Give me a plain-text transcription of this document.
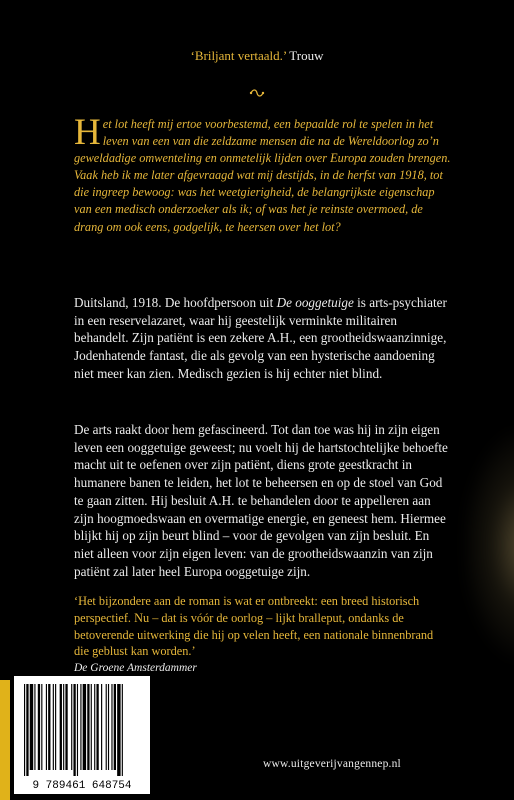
‘Briljant vertaald.’ Trouw

Het lot heeft mij ertoe voorbestemd, een bepaalde rol te spelen in het leven van een van die zeldzame mensen die na de Wereldoorlog zo’n geweldadige omwenteling en onmetelijk lijden over Europa zouden brengen. Vaak heb ik me later afgevraagd wat mij destijds, in de herfst van 1918, tot die ingreep bewoog: was het weetgierigheid, de belangrijkste eigenschap van een medisch onderzoeker als ik; of was het je reinste overmoed, de drang om ook eens, godgelijk, te heersen over het lot?

Duitsland, 1918. De hoofdpersoon uit De ooggetuige is arts-psychiater in een reservelazaret, waar hij geestelijk verminkte militairen behandelt. Zijn patiënt is een zekere A.H., een grootheidswaanzinnige, Jodenhatende fantast, die als gevolg van een hysterische aandoening niet meer kan zien. Medisch gezien is hij echter niet blind.

De arts raakt door hem gefascineerd. Tot dan toe was hij in zijn eigen leven een ooggetuige geweest; nu voelt hij de hartstochtelijke behoefte macht uit te oefenen over zijn patiënt, diens grote geestkracht in humanere banen te leiden, het lot te beheersen en op de stoel van God te gaan zitten. Hij besluit A.H. te behandelen door te appelleren aan zijn hoogmoedswaan en overmatige energie, en geneest hem. Hiermee blijkt hij op zijn beurt blind – voor de gevolgen van zijn besluit. En niet alleen voor zijn eigen leven: van de grootheidswaanzin van zijn patiënt zal later heel Europa ooggetuige zijn.

‘Het bijzondere aan de roman is wat er ontbreekt: een breed historisch perspectief. Nu – dat is vóór de oorlog – lijkt bralleput, ondanks de betoverende uitwerking die hij op velen heeft, een nationale binnenbrand die geblust kan worden.’

De Groene Amsterdammer
9 789461 648754
www.uitgeverijvangennep.nl
